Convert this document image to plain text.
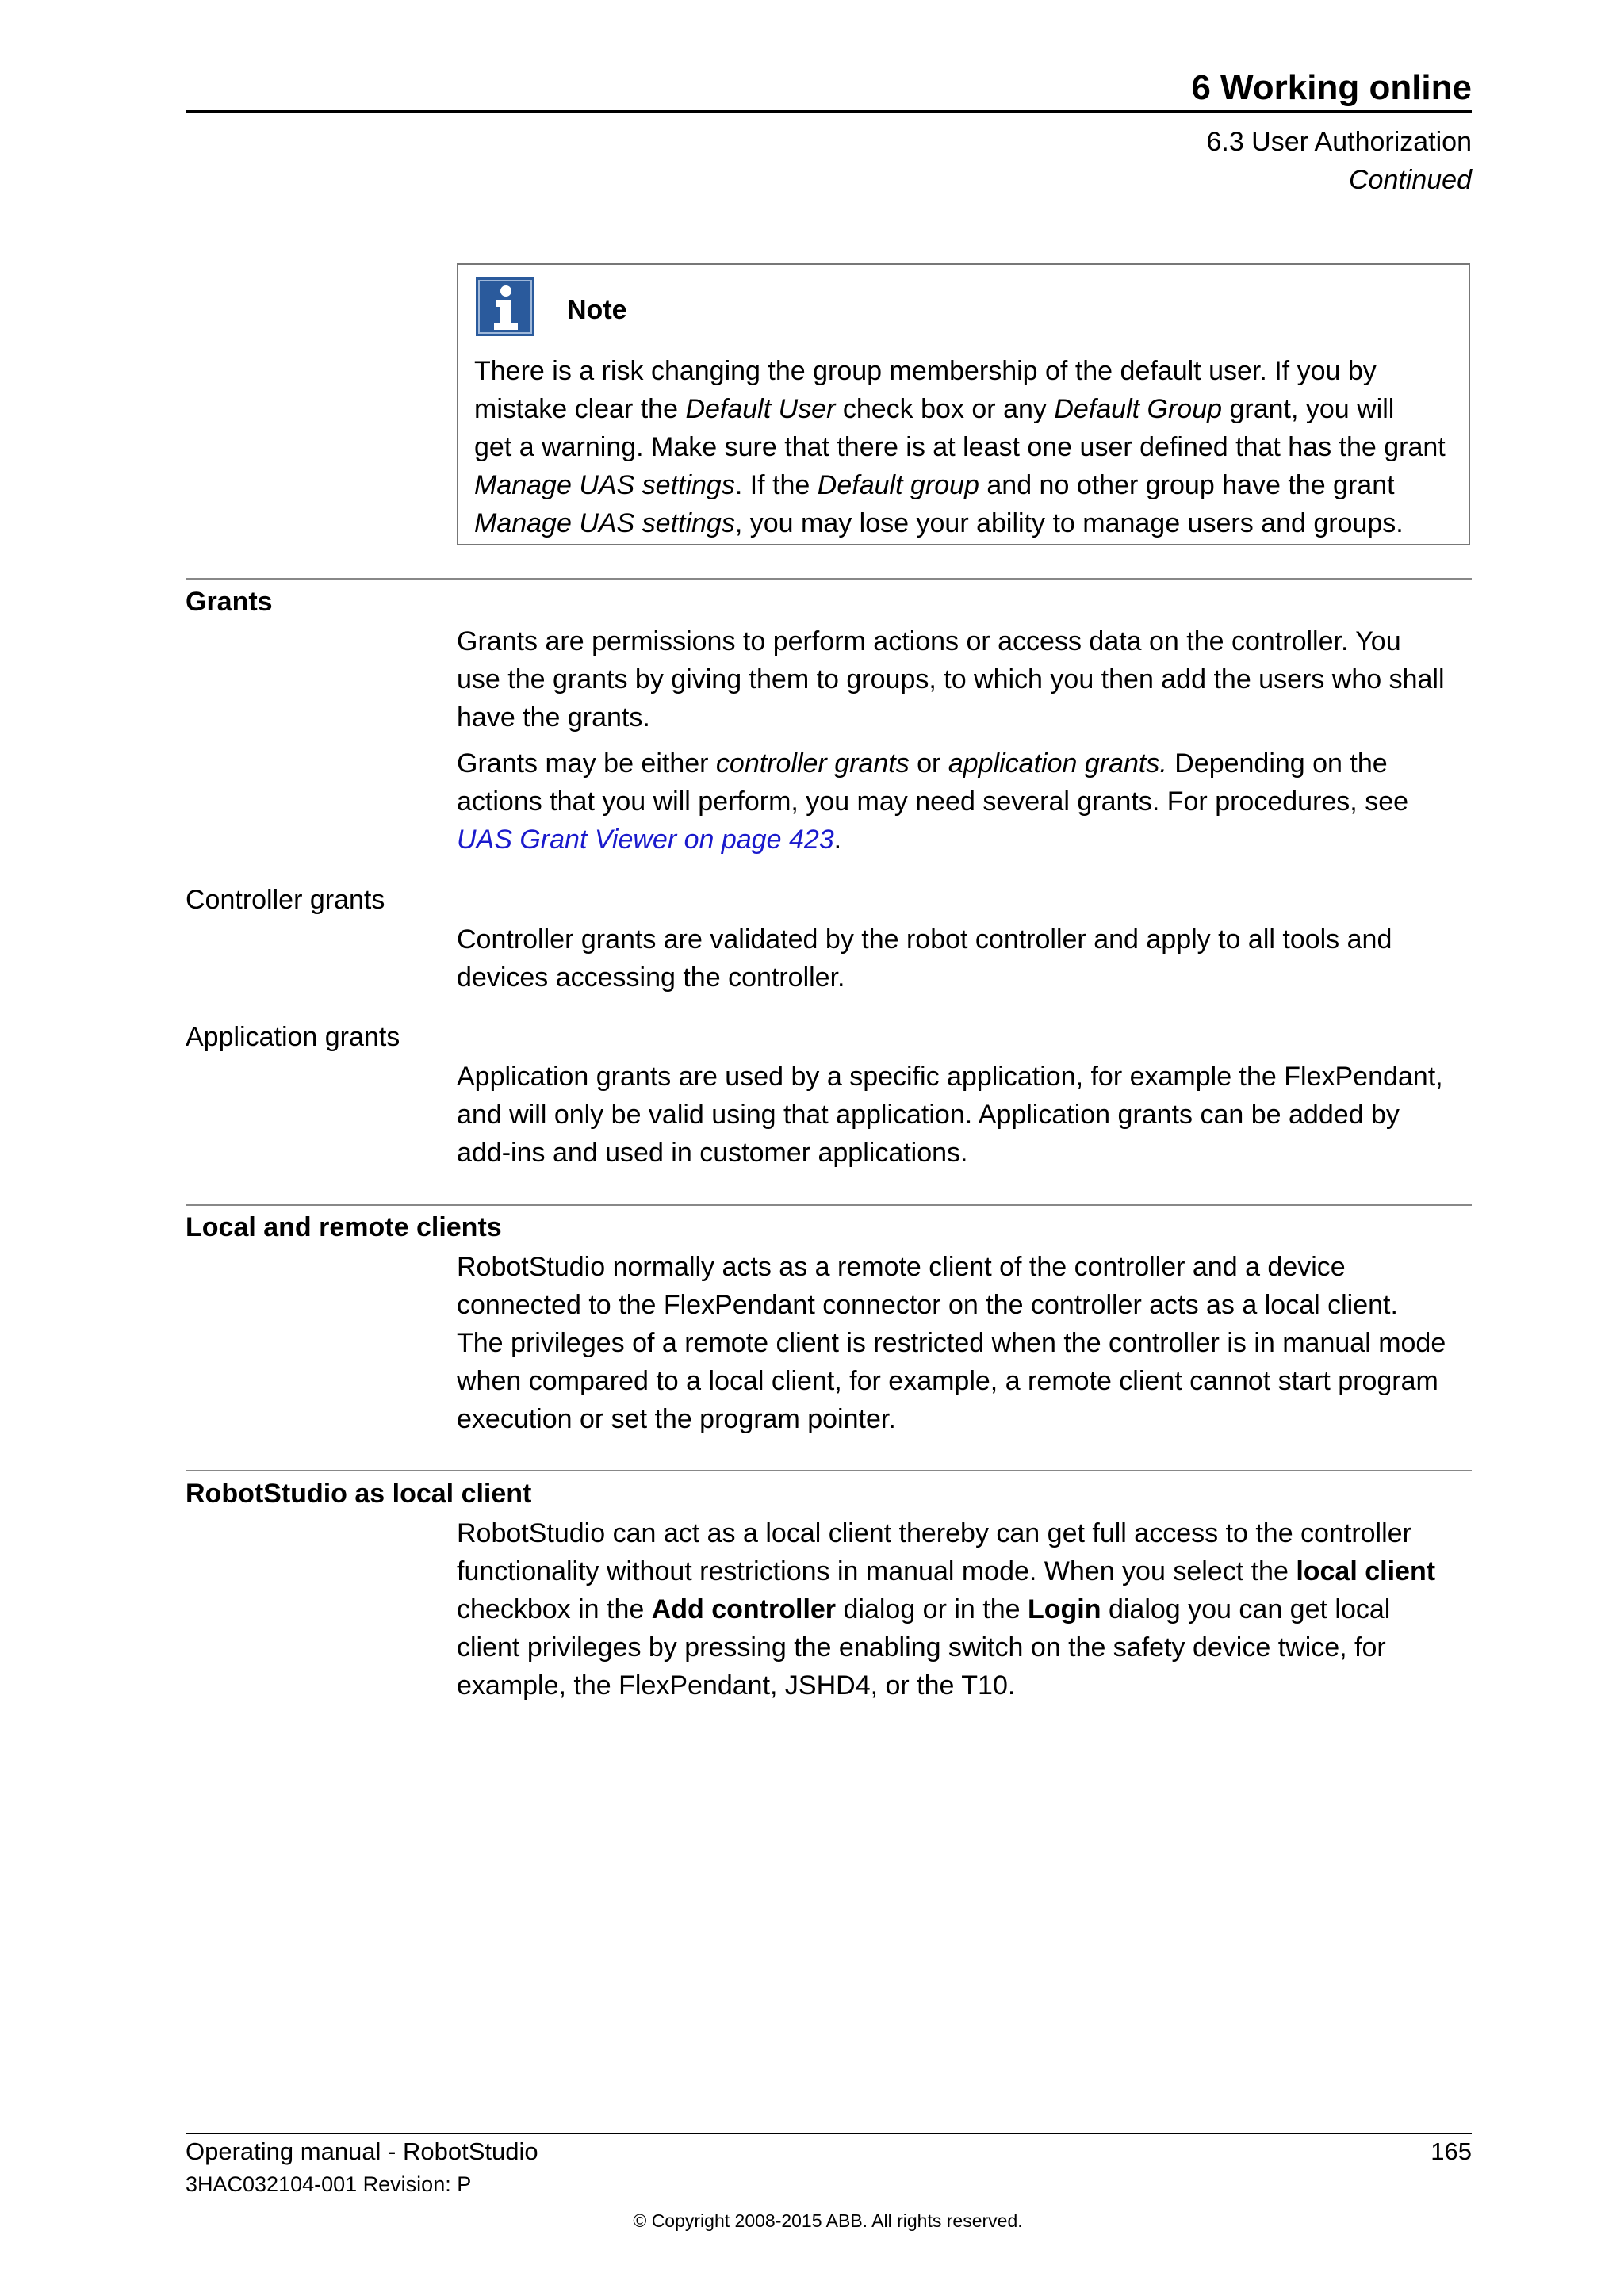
6 Working online
6.3 User Authorization
Continued
Note
There is a risk changing the group membership of the default user. If you by
mistake clear the Default User check box or any Default Group grant, you will
get a warning. Make sure that there is at least one user defined that has the grant
Manage UAS settings. If the Default group and no other group have the grant
Manage UAS settings, you may lose your ability to manage users and groups.
Grants
Grants are permissions to perform actions or access data on the controller. You
use the grants by giving them to groups, to which you then add the users who shall
have the grants.
Grants may be either controller grants or application grants. Depending on the
actions that you will perform, you may need several grants. For procedures, see
UAS Grant Viewer on page 423.
Controller grants
Controller grants are validated by the robot controller and apply to all tools and
devices accessing the controller.
Application grants
Application grants are used by a specific application, for example the FlexPendant,
and will only be valid using that application. Application grants can be added by
add-ins and used in customer applications.
Local and remote clients
RobotStudio normally acts as a remote client of the controller and a device
connected to the FlexPendant connector on the controller acts as a local client.
The privileges of a remote client is restricted when the controller is in manual mode
when compared to a local client, for example, a remote client cannot start program
execution or set the program pointer.
RobotStudio as local client
RobotStudio can act as a local client thereby can get full access to the controller
functionality without restrictions in manual mode. When you select the local client
checkbox in the Add controller dialog or in the Login dialog you can get local
client privileges by pressing the enabling switch on the safety device twice, for
example, the FlexPendant, JSHD4, or the T10.
Operating manual - RobotStudio	165
3HAC032104-001 Revision: P
© Copyright 2008-2015 ABB. All rights reserved.
